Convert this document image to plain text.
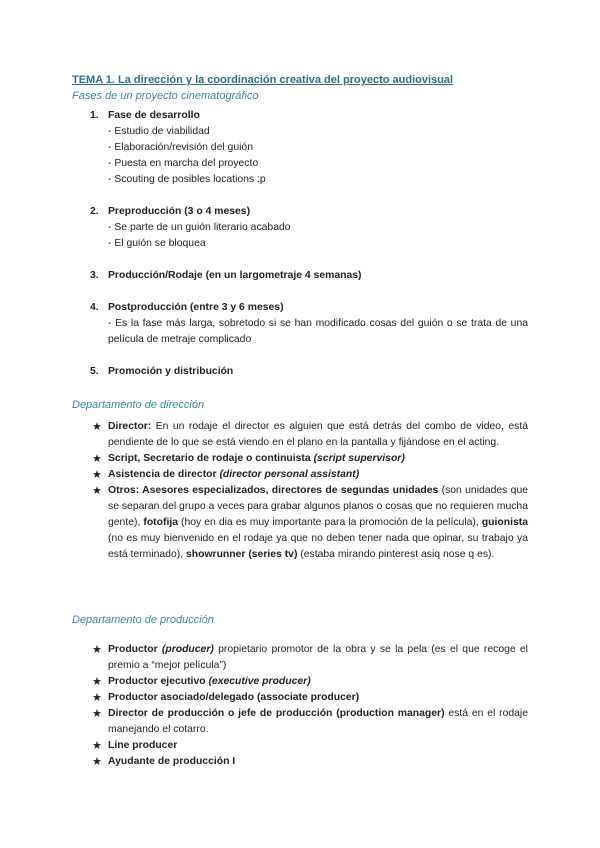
TEMA 1. La dirección y la coordinación creativa del proyecto audiovisual
Fases de un proyecto cinematográfico
1. Fase de desarrollo
- Estudio de viabilidad
- Elaboración/revisión del guión
- Puesta en marcha del proyecto
- Scouting de posibles locations :p
2. Preproducción (3 o 4 meses)
- Se parte de un guión literario acabado
- El guión se bloquea
3. Producción/Rodaje (en un largometraje 4 semanas)
4. Postproducción (entre 3 y 6 meses)
- Es la fase más larga, sobretodo si se han modificado cosas del guión o se trata de una película de metraje complicado
5. Promoción y distribución
Departamento de dirección
★ Director: En un rodaje el director es alguien que está detrás del combo de video, está pendiente de lo que se está viendo en el plano en la pantalla y fijándose en el acting.
★ Script, Secretario de rodaje o continuista (script supervisor)
★ Asistencia de director (director personal assistant)
★ Otros: Asesores especializados, directores de segundas unidades (son unidades que se separan del grupo a veces para grabar algunos planos o cosas que no requieren mucha gente), fotofija (hoy en dia es muy importante para la promoción de la película), guionista (no es muy bienvenido en el rodaje ya que no deben tener nada que opinar, su trabajo ya está terminado), showrunner (series tv) (estaba mirando pinterest asiq nose q es).
Departamento de producción
★ Productor (producer) propietario promotor de la obra y se la pela (es el que recoge el premio a “mejor película”)
★ Productor ejecutivo (executive producer)
★ Productor asociado/delegado (associate producer)
★ Director de producción o jefe de producción (production manager) está en el rodaje manejando el cotarro.
★ Line producer
★ Ayudante de producción I
